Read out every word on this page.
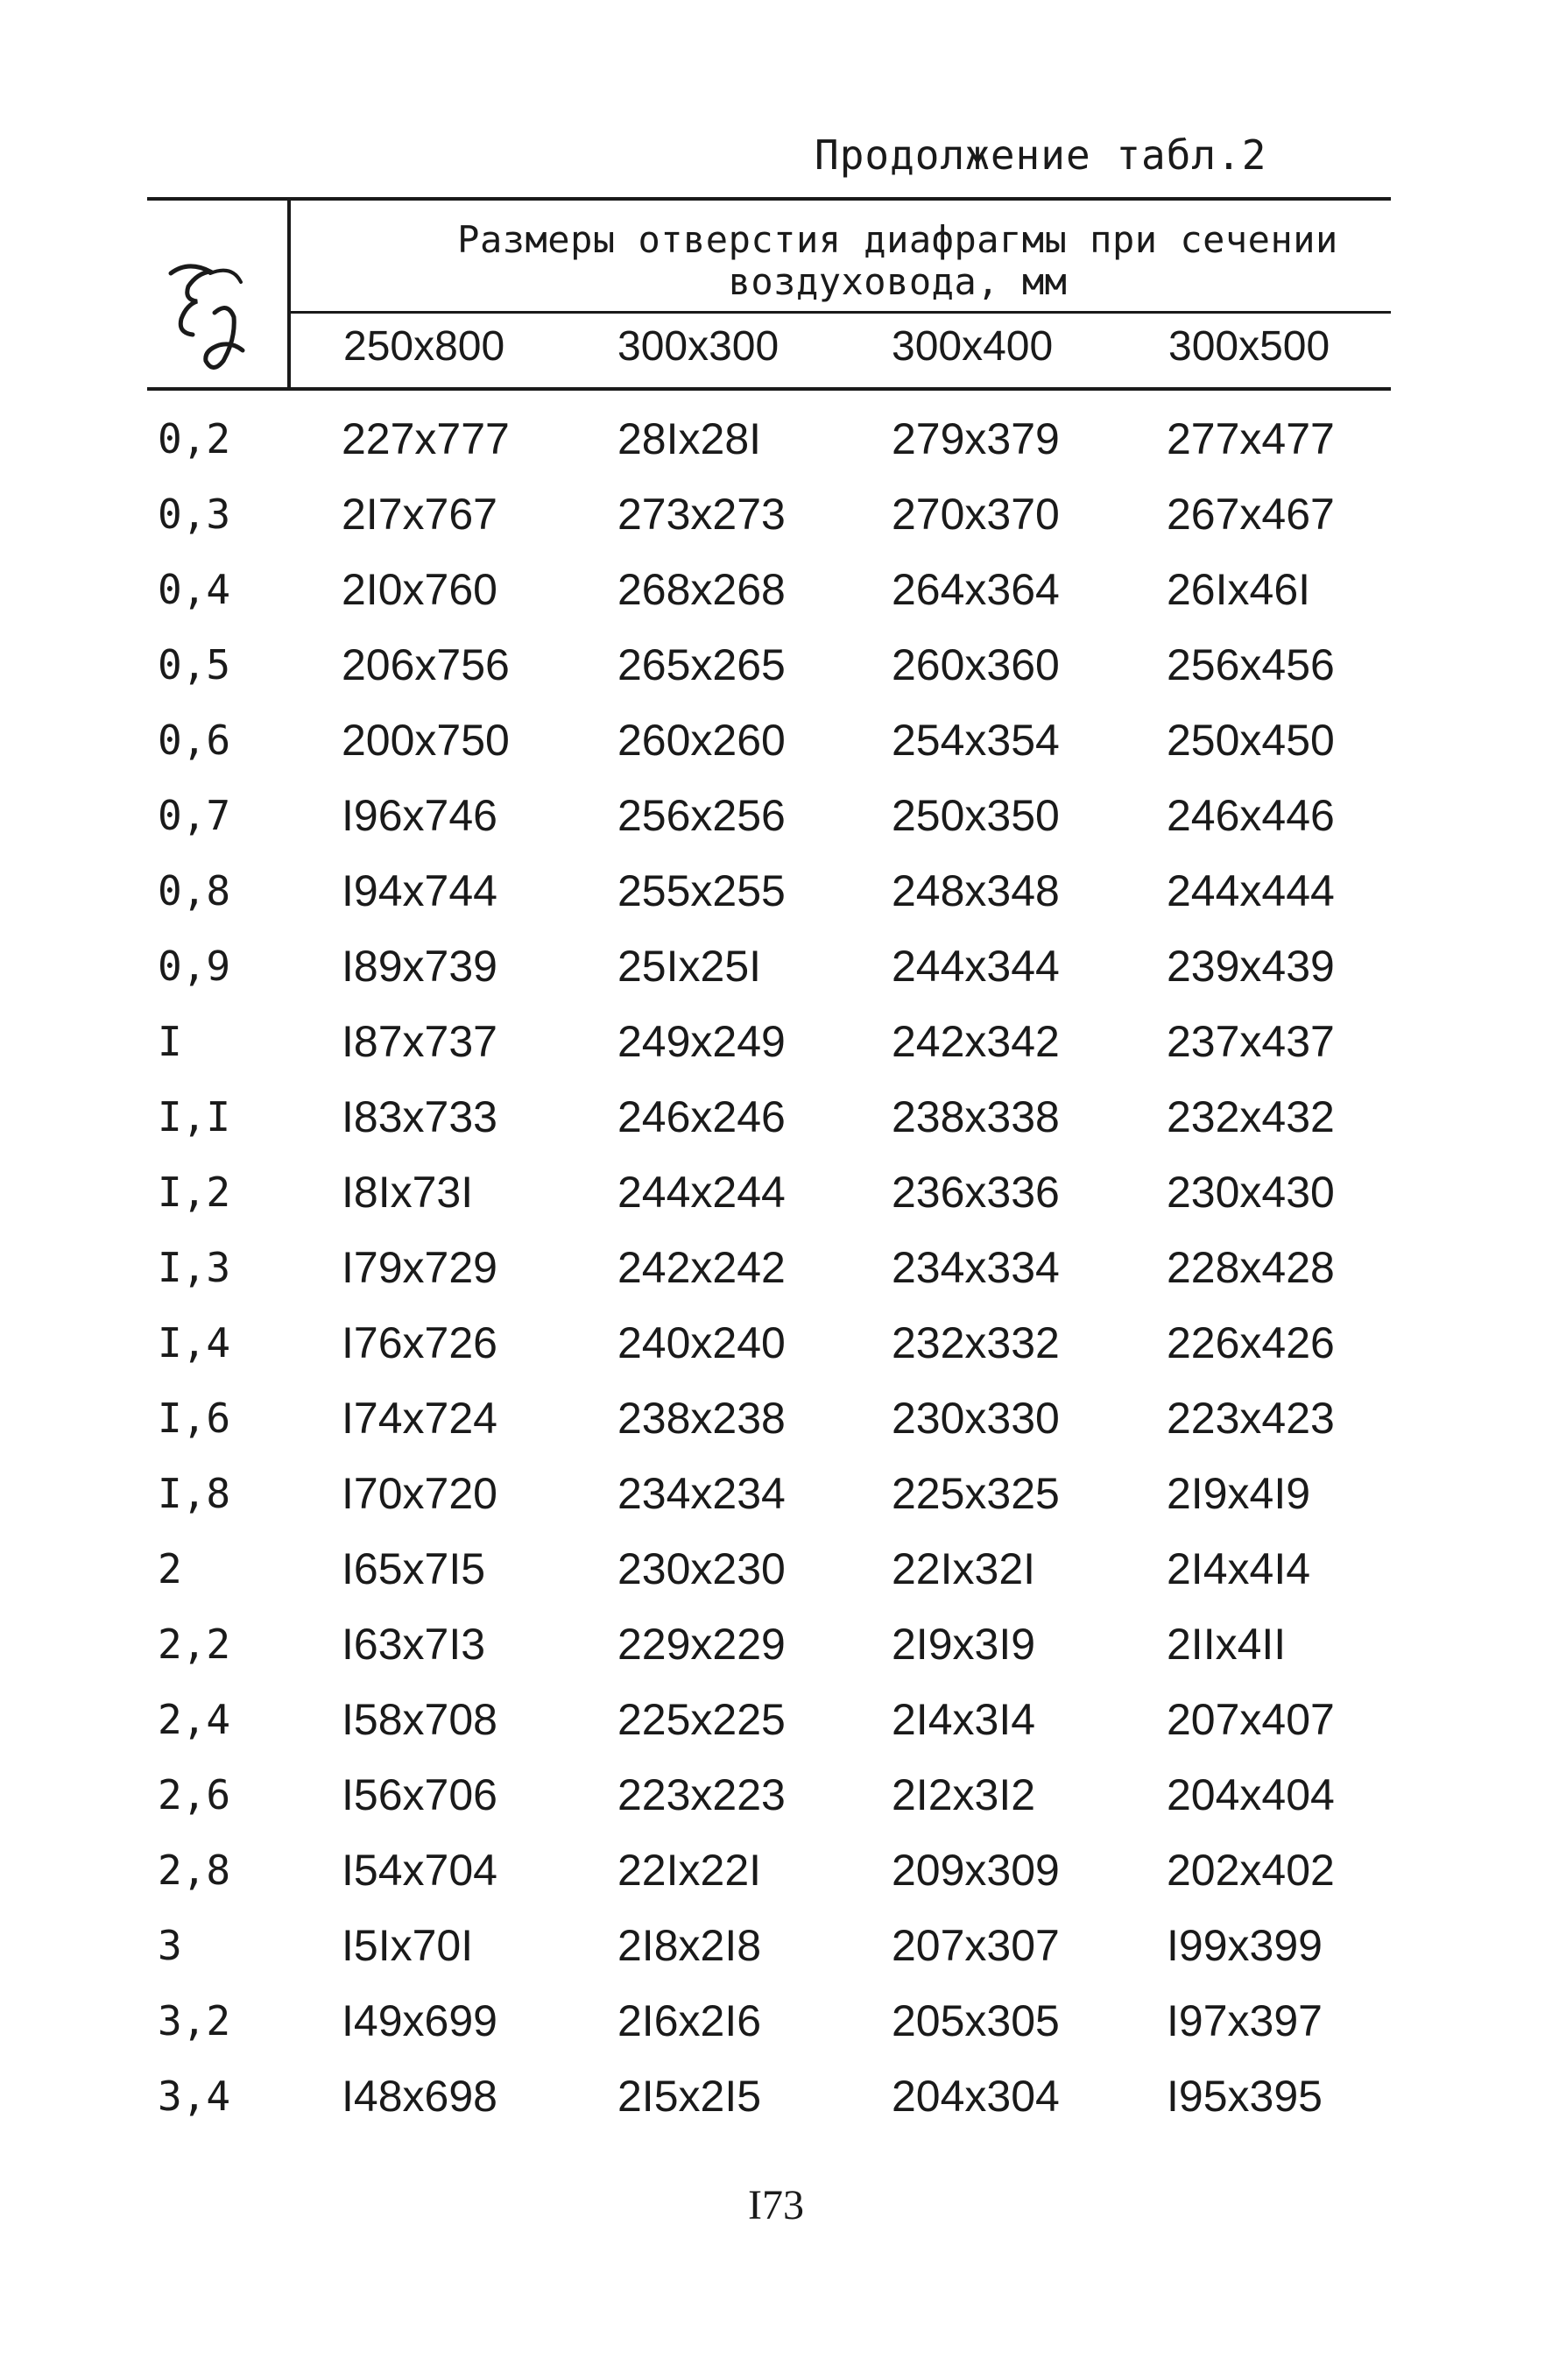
Продолжение табл.2
Размеры отверстия диафрагмы при сечении
воздуховода, мм
250x800	300x300	300x400	300x500
0,2	227x777 28Ix28I	279x379 277x477
0,3	2I7x767	273x273 270x370 267x467
0,4	2I0x760	268x268 264x364 26Ix46I
0,5	206x756 265x265 260x360 256x456
0,6	200x750 260x260 254x354 250x450
0,7	I96x746	256x256 250x350 246x446
0,8	I94x744	255x255 248x348 244x444
0,9	I89x739	25Ix25I	244x344 239x439
I	I87x737	249x249 242x342 237x437
I,I	I83x733	246x246 238x338 232x432
I,2	I8Ix73I	244x244 236x336 230x430
I,3	I79x729	242x242 234x334 228x428
I,4	I76x726	240x240 232x332 226x426
I,6	I74x724	238x238 230x330 223x423
I,8	I70x720	234x234 225x325 2I9x4I9
2	I65x7I5	230x230 22Ix32I	2I4x4I4
2,2	I63x7I3	229x229 2I9x3I9	2IIx4II
2,4	I58x708	225x225 2I4x3I4	207x407
2,6	I56x706	223x223 2I2x3I2	204x404
2,8	I54x704	22Ix22I	209x309 202x402
3	I5Ix70I	2I8x2I8	207x307 I99x399
3,2	I49x699	2I6x2I6	205x305 I97x397
3,4	I48x698	2I5x2I5	204x304 I95x395
I73
